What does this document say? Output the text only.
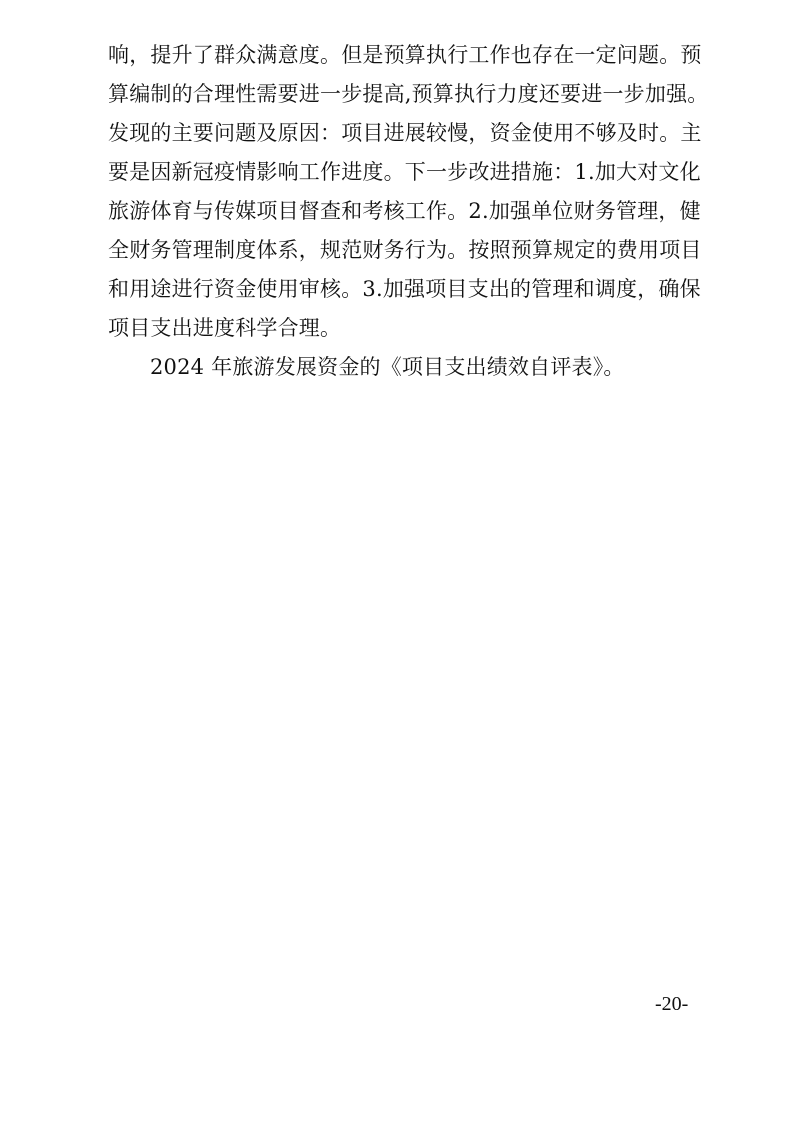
响，提升了群众满意度。但是预算执行工作也存在一定问题。预
算编制的合理性需要进一步提高,预算执行力度还要进一步加强。
发现的主要问题及原因：项目进展较慢，资金使用不够及时。主
要是因新冠疫情影响工作进度。下一步改进措施：1.加大对文化
旅游体育与传媒项目督查和考核工作。2.加强单位财务管理，健
全财务管理制度体系，规范财务行为。按照预算规定的费用项目
和用途进行资金使用审核。3.加强项目支出的管理和调度，确保
项目支出进度科学合理。
2024 年旅游发展资金的《项目支出绩效自评表》。
-20-
